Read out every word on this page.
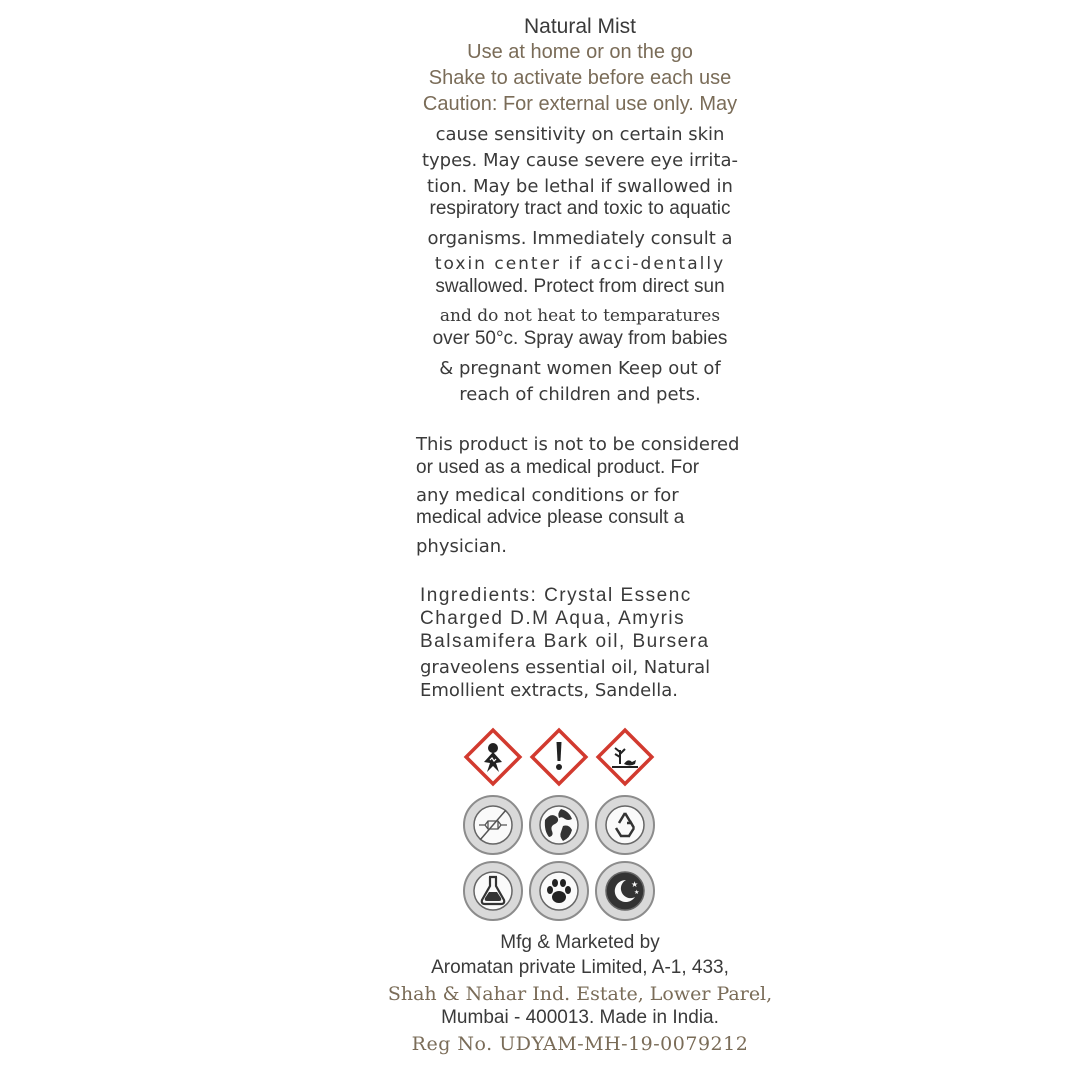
Natural Mist
Use at home or on the go
Shake to activate before each use
Caution: For external use only. May
cause sensitivity on certain skin
types. May cause severe eye irrita-
tion. May be lethal if swallowed in
respiratory tract and toxic to aquatic
organisms. Immediately consult a
toxin center if acci-dentally
swallowed. Protect from direct sun
and do not heat to temparatures
over 50°c. Spray away from babies
& pregnant women Keep out of
reach of children and pets.
This product is not to be considered
or used as a medical product. For
any medical conditions or for
medical advice please consult a
physician.
Ingredients: Crystal Essenc
Charged D.M Aqua, Amyris
Balsamifera Bark oil, Bursera
graveolens essential oil, Natural
Emollient extracts, Sandella.
★
★
Mfg & Marketed by
Aromatan private Limited, A-1, 433,
Shah & Nahar Ind. Estate, Lower Parel,
Mumbai - 400013. Made in India.
Reg No. UDYAM-MH-19-0079212
